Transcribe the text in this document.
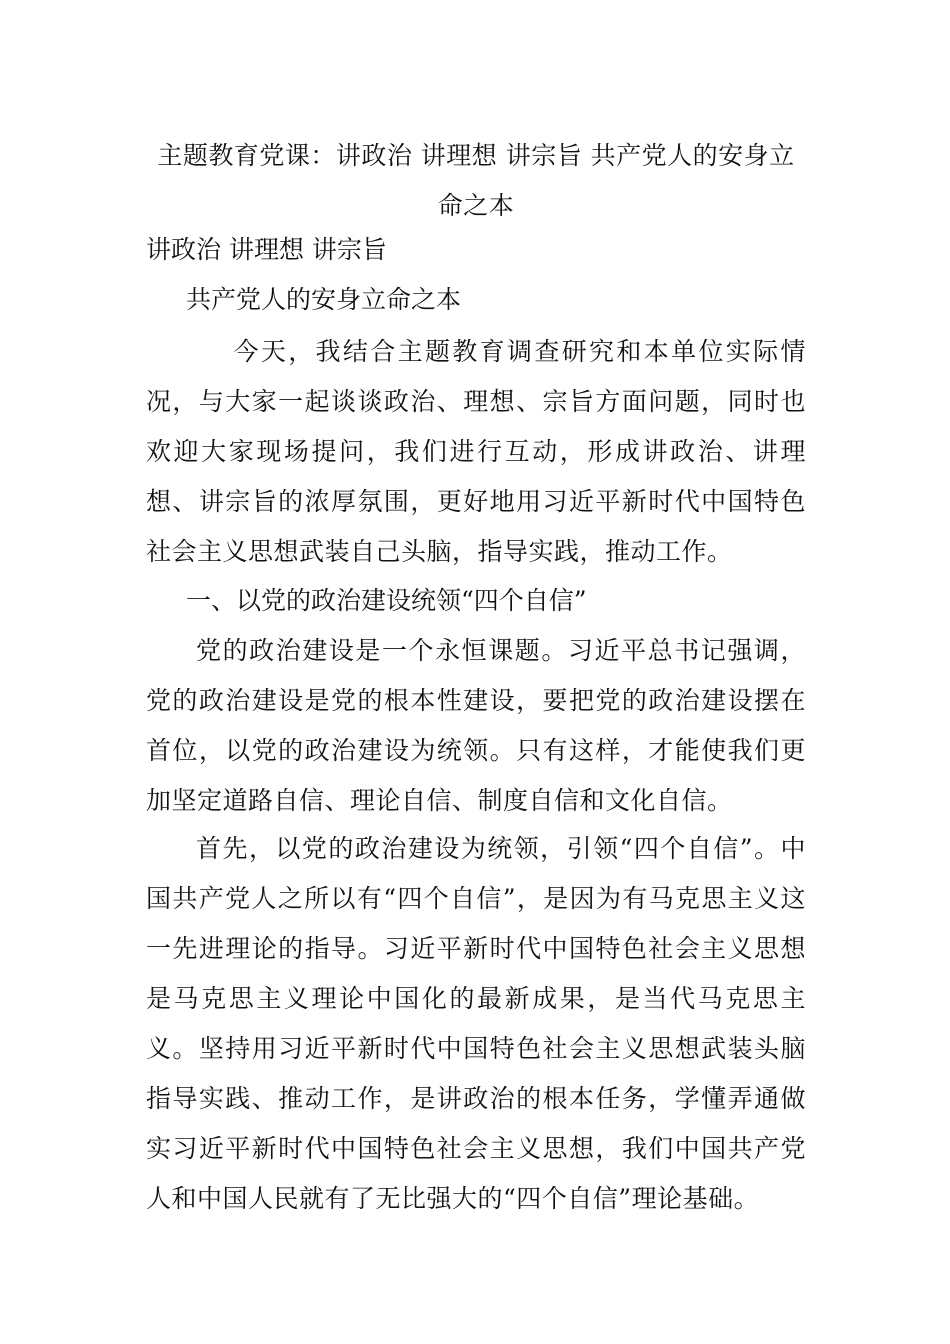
主题教育党课：讲政治 讲理想 讲宗旨 共产党人的安身立
命之本
讲政治 讲理想 讲宗旨
共产党人的安身立命之本

今天，我结合主题教育调查研究和本单位实际情况，与大家一起谈谈政治、理想、宗旨方面问题，同时也欢迎大家现场提问，我们进行互动，形成讲政治、讲理想、讲宗旨的浓厚氛围，更好地用习近平新时代中国特色社会主义思想武装自己头脑，指导实践，推动工作。

一、以党的政治建设统领“四个自信”

党的政治建设是一个永恒课题。习近平总书记强调，党的政治建设是党的根本性建设，要把党的政治建设摆在首位，以党的政治建设为统领。只有这样，才能使我们更加坚定道路自信、理论自信、制度自信和文化自信。

首先，以党的政治建设为统领，引领“四个自信”。中国共产党人之所以有“四个自信”，是因为有马克思主义这一先进理论的指导。习近平新时代中国特色社会主义思想是马克思主义理论中国化的最新成果，是当代马克思主义。坚持用习近平新时代中国特色社会主义思想武装头脑指导实践、推动工作，是讲政治的根本任务，学懂弄通做实习近平新时代中国特色社会主义思想，我们中国共产党人和中国人民就有了无比强大的“四个自信”理论基础。
